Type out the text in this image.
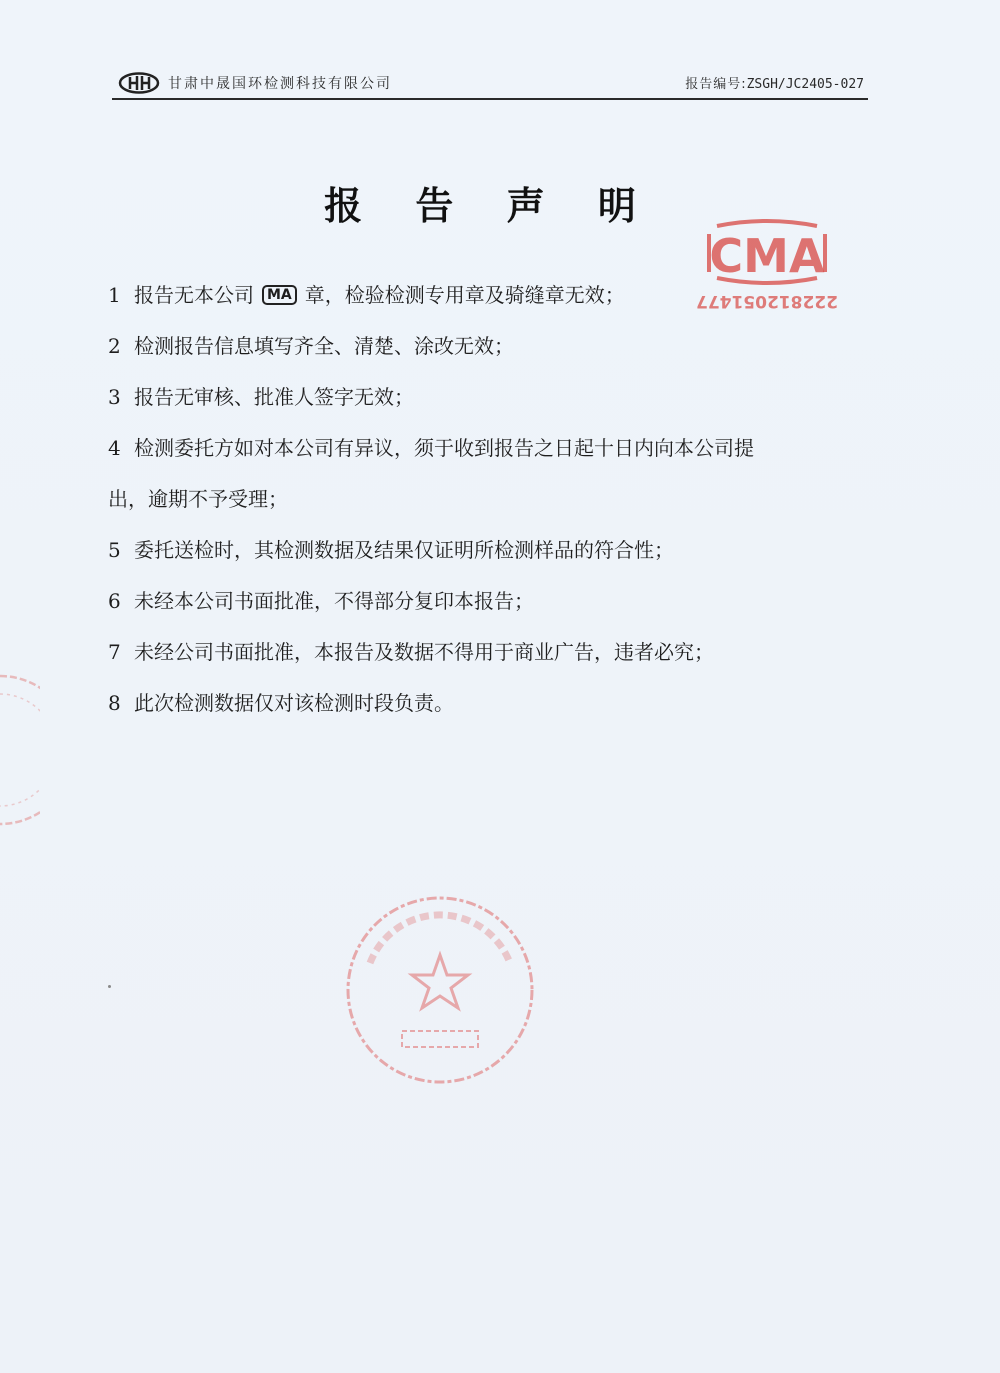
甘肃中晟国环检测科技有限公司	报告编号:ZSGH/JC2405-027
报 告 声 明
1 报告无本公司 MA 章，检验检测专用章及骑缝章无效；
2 检测报告信息填写齐全、清楚、涂改无效；
3 报告无审核、批准人签字无效；
4 检测委托方如对本公司有异议，须于收到报告之日起十日内向本公司提
出，逾期不予受理；
5 委托送检时，其检测数据及结果仅证明所检测样品的符合性；
6 未经本公司书面批准，不得部分复印本报告；
7 未经公司书面批准，本报告及数据不得用于商业广告，违者必究；
8 此次检测数据仅对该检测时段负责。
CMA
222812051477
